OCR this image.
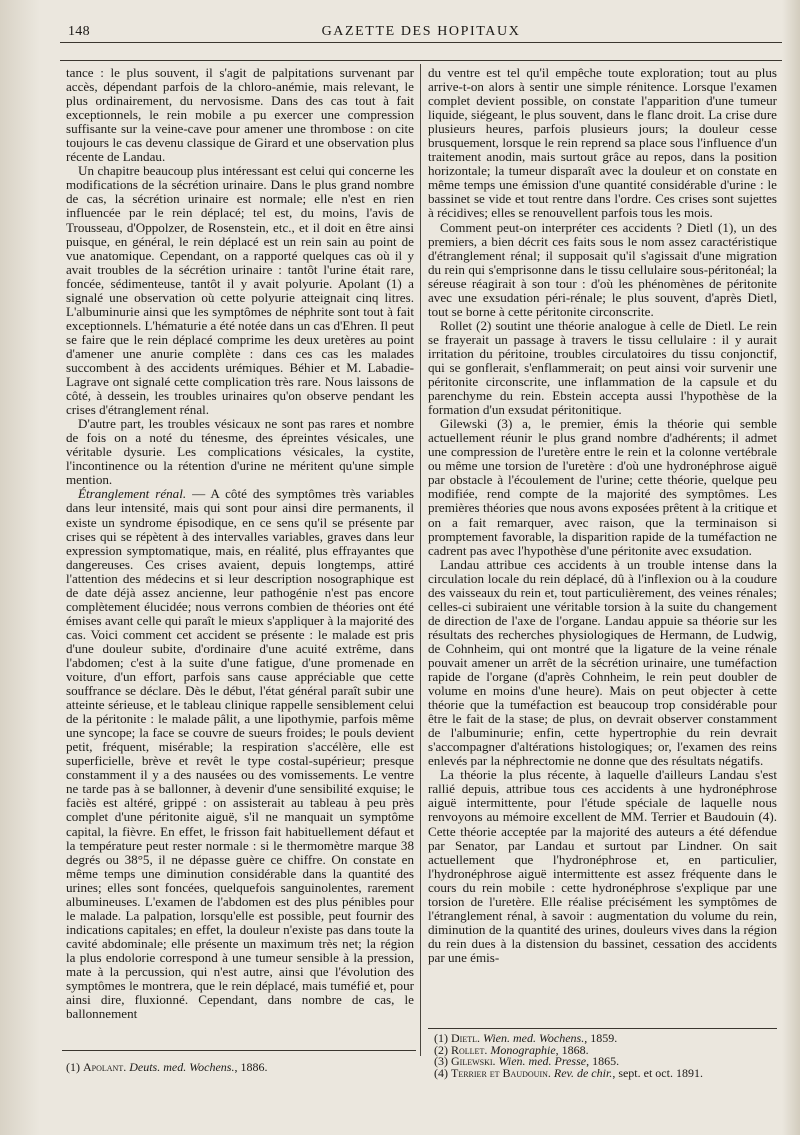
148	GAZETTE DES HOPITAUX

tance : le plus souvent, il s'agit de palpitations survenant par accès, dépendant parfois de la chloro-anémie, mais relevant, le plus ordinairement, du nervosisme. Dans des cas tout à fait exceptionnels, le rein mobile a pu exercer une compression suffisante sur la veine-cave pour amener une thrombose : on cite toujours le cas devenu classique de Girard et une observation plus récente de Landau.

Un chapitre beaucoup plus intéressant est celui qui concerne les modifications de la sécrétion urinaire. Dans le plus grand nombre de cas, la sécrétion urinaire est normale; elle n'est en rien influencée par le rein déplacé; tel est, du moins, l'avis de Trousseau, d'Oppolzer, de Rosenstein, etc., et il doit en être ainsi puisque, en général, le rein déplacé est un rein sain au point de vue anatomique. Cependant, on a rapporté quelques cas où il y avait troubles de la sécrétion urinaire : tantôt l'urine était rare, foncée, sédimenteuse, tantôt il y avait polyurie. Apolant (1) a signalé une observation où cette polyurie atteignait cinq litres. L'albuminurie ainsi que les symptômes de néphrite sont tout à fait exceptionnels. L'hématurie a été notée dans un cas d'Ehren. Il peut se faire que le rein déplacé comprime les deux uretères au point d'amener une anurie complète : dans ces cas les malades succombent à des accidents urémiques. Béhier et M. Labadie-Lagrave ont signalé cette complication très rare. Nous laissons de côté, à dessein, les troubles urinaires qu'on observe pendant les crises d'étranglement rénal.

D'autre part, les troubles vésicaux ne sont pas rares et nombre de fois on a noté du ténesme, des épreintes vésicales, une véritable dysurie. Les complications vésicales, la cystite, l'incontinence ou la rétention d'urine ne méritent qu'une simple mention.

Étranglement rénal. — A côté des symptômes très variables dans leur intensité, mais qui sont pour ainsi dire permanents, il existe un syndrome épisodique, en ce sens qu'il se présente par crises qui se répètent à des intervalles variables, graves dans leur expression symptomatique, mais, en réalité, plus effrayantes que dangereuses. Ces crises avaient, depuis longtemps, attiré l'attention des médecins et si leur description nosographique est de date déjà assez ancienne, leur pathogénie n'est pas encore complètement élucidée; nous verrons combien de théories ont été émises avant celle qui paraît le mieux s'appliquer à la majorité des cas. Voici comment cet accident se présente : le malade est pris d'une douleur subite, d'ordinaire d'une acuité extrême, dans l'abdomen; c'est à la suite d'une fatigue, d'une promenade en voiture, d'un effort, parfois sans cause appréciable que cette souffrance se déclare. Dès le début, l'état général paraît subir une atteinte sérieuse, et le tableau clinique rappelle sensiblement celui de la péritonite : le malade pâlit, a une lipothymie, parfois même une syncope; la face se couvre de sueurs froides; le pouls devient petit, fréquent, misérable; la respiration s'accélère, elle est superficielle, brève et revêt le type costal-supérieur; presque constamment il y a des nausées ou des vomissements. Le ventre ne tarde pas à se ballonner, à devenir d'une sensibilité exquise; le faciès est altéré, grippé : on assisterait au tableau à peu près complet d'une péritonite aiguë, s'il ne manquait un symptôme capital, la fièvre. En effet, le frisson fait habituellement défaut et la température peut rester normale : si le thermomètre marque 38 degrés ou 38°5, il ne dépasse guère ce chiffre. On constate en même temps une diminution considérable dans la quantité des urines; elles sont foncées, quelquefois sanguinolentes, rarement albumineuses. L'examen de l'abdomen est des plus pénibles pour le malade. La palpation, lorsqu'elle est possible, peut fournir des indications capitales; en effet, la douleur n'existe pas dans toute la cavité abdominale; elle présente un maximum très net; la région la plus endolorie correspond à une tumeur sensible à la pression, mate à la percussion, qui n'est autre, ainsi que l'évolution des symptômes le montrera, que le rein déplacé, mais tuméfié et, pour ainsi dire, fluxionné. Cependant, dans nombre de cas, le ballonnement

du ventre est tel qu'il empêche toute exploration; tout au plus arrive-t-on alors à sentir une simple rénitence. Lorsque l'examen complet devient possible, on constate l'apparition d'une tumeur liquide, siégeant, le plus souvent, dans le flanc droit. La crise dure plusieurs heures, parfois plusieurs jours; la douleur cesse brusquement, lorsque le rein reprend sa place sous l'influence d'un traitement anodin, mais surtout grâce au repos, dans la position horizontale; la tumeur disparaît avec la douleur et on constate en même temps une émission d'une quantité considérable d'urine : le bassinet se vide et tout rentre dans l'ordre. Ces crises sont sujettes à récidives; elles se renouvellent parfois tous les mois.

Comment peut-on interpréter ces accidents ? Dietl (1), un des premiers, a bien décrit ces faits sous le nom assez caractéristique d'étranglement rénal; il supposait qu'il s'agissait d'une migration du rein qui s'emprisonne dans le tissu cellulaire sous-péritonéal; la séreuse réagirait à son tour : d'où les phénomènes de péritonite avec une exsudation péri-rénale; le plus souvent, d'après Dietl, tout se borne à cette péritonite circonscrite.

Rollet (2) soutint une théorie analogue à celle de Dietl. Le rein se frayerait un passage à travers le tissu cellulaire : il y aurait irritation du péritoine, troubles circulatoires du tissu conjonctif, qui se gonflerait, s'enflammerait; on peut ainsi voir survenir une péritonite circonscrite, une inflammation de la capsule et du parenchyme du rein. Ebstein accepta aussi l'hypothèse de la formation d'un exsudat péritonitique.

Gilewski (3) a, le premier, émis la théorie qui semble actuellement réunir le plus grand nombre d'adhérents; il admet une compression de l'uretère entre le rein et la colonne vertébrale ou même une torsion de l'uretère : d'où une hydronéphrose aiguë par obstacle à l'écoulement de l'urine; cette théorie, quelque peu modifiée, rend compte de la majorité des symptômes. Les premières théories que nous avons exposées prêtent à la critique et on a fait remarquer, avec raison, que la terminaison si promptement favorable, la disparition rapide de la tuméfaction ne cadrent pas avec l'hypothèse d'une péritonite avec exsudation.

Landau attribue ces accidents à un trouble intense dans la circulation locale du rein déplacé, dû à l'inflexion ou à la coudure des vaisseaux du rein et, tout particulièrement, des veines rénales; celles-ci subiraient une véritable torsion à la suite du changement de direction de l'axe de l'organe. Landau appuie sa théorie sur les résultats des recherches physiologiques de Hermann, de Ludwig, de Cohnheim, qui ont montré que la ligature de la veine rénale pouvait amener un arrêt de la sécrétion urinaire, une tuméfaction rapide de l'organe (d'après Cohnheim, le rein peut doubler de volume en moins d'une heure). Mais on peut objecter à cette théorie que la tuméfaction est beaucoup trop considérable pour être le fait de la stase; de plus, on devrait observer constamment de l'albuminurie; enfin, cette hypertrophie du rein devrait s'accompagner d'altérations histologiques; or, l'examen des reins enlevés par la néphrectomie ne donne que des résultats négatifs.

La théorie la plus récente, à laquelle d'ailleurs Landau s'est rallié depuis, attribue tous ces accidents à une hydronéphrose aiguë intermittente, pour l'étude spéciale de laquelle nous renvoyons au mémoire excellent de MM. Terrier et Baudouin (4). Cette théorie acceptée par la majorité des auteurs a été défendue par Senator, par Landau et surtout par Lindner. On sait actuellement que l'hydronéphrose et, en particulier, l'hydronéphrose aiguë intermittente est assez fréquente dans le cours du rein mobile : cette hydronéphrose s'explique par une torsion de l'uretère. Elle réalise précisément les symptômes de l'étranglement rénal, à savoir : augmentation du volume du rein, diminution de la quantité des urines, douleurs vives dans la région du rein dues à la distension du bassinet, cessation des accidents par une émis-

(1) Apolant. Deuts. med. Wochens., 1886.
(1) Dietl. Wien. med. Wochens., 1859.
(2) Rollet. Monographie, 1868.
(3) Gilewski. Wien. med. Presse, 1865.
(4) Terrier et Baudouin. Rev. de chir., sept. et oct. 1891.
